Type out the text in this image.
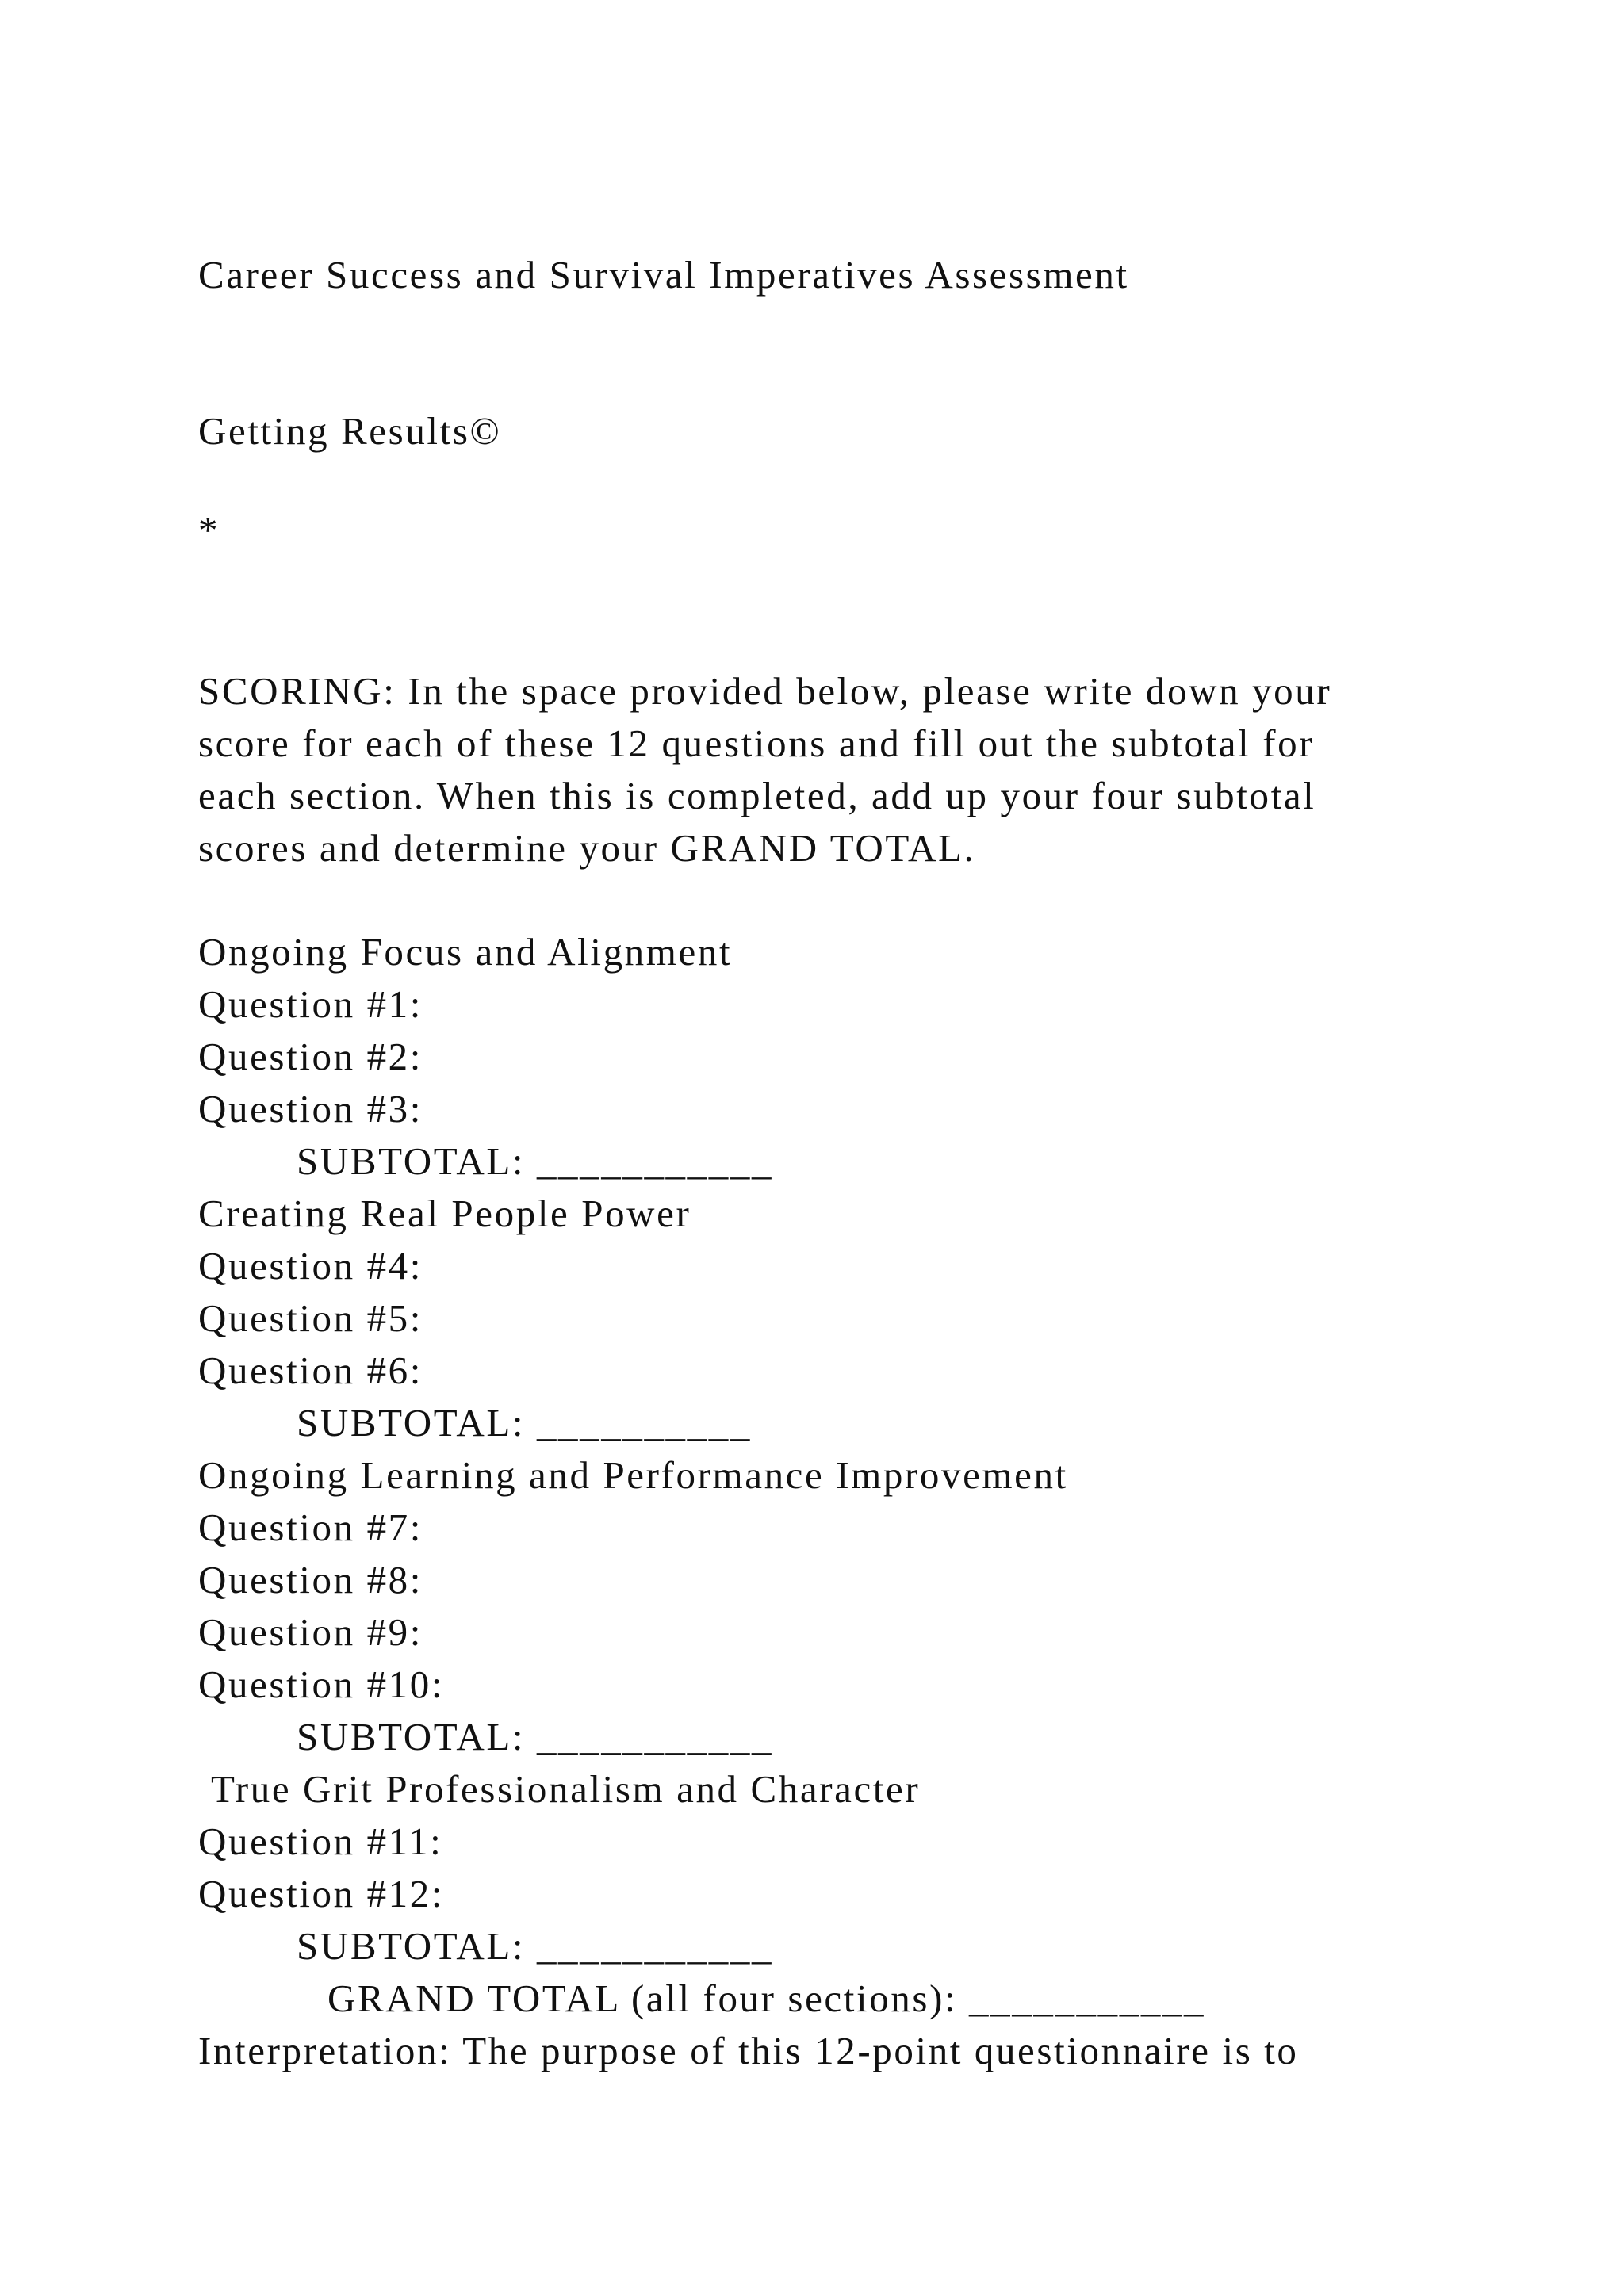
Career Success and Survival Imperatives Assessment

Getting Results©

*

SCORING: In the space provided below, please write down your

score for each of these 12 questions and fill out the subtotal for

each section. When this is completed, add up your four subtotal

scores and determine your GRAND TOTAL.

Ongoing Focus and Alignment

Question #1:

Question #2:

Question #3:

SUBTOTAL: ___________

Creating Real People Power

Question #4:

Question #5:

Question #6:

SUBTOTAL: __________

Ongoing Learning and Performance Improvement

Question #7:

Question #8:

Question #9:

Question #10:

SUBTOTAL: ___________

True Grit Professionalism and Character

Question #11:

Question #12:

SUBTOTAL: ___________

GRAND TOTAL (all four sections): ___________

Interpretation: The purpose of this 12-point questionnaire is to
